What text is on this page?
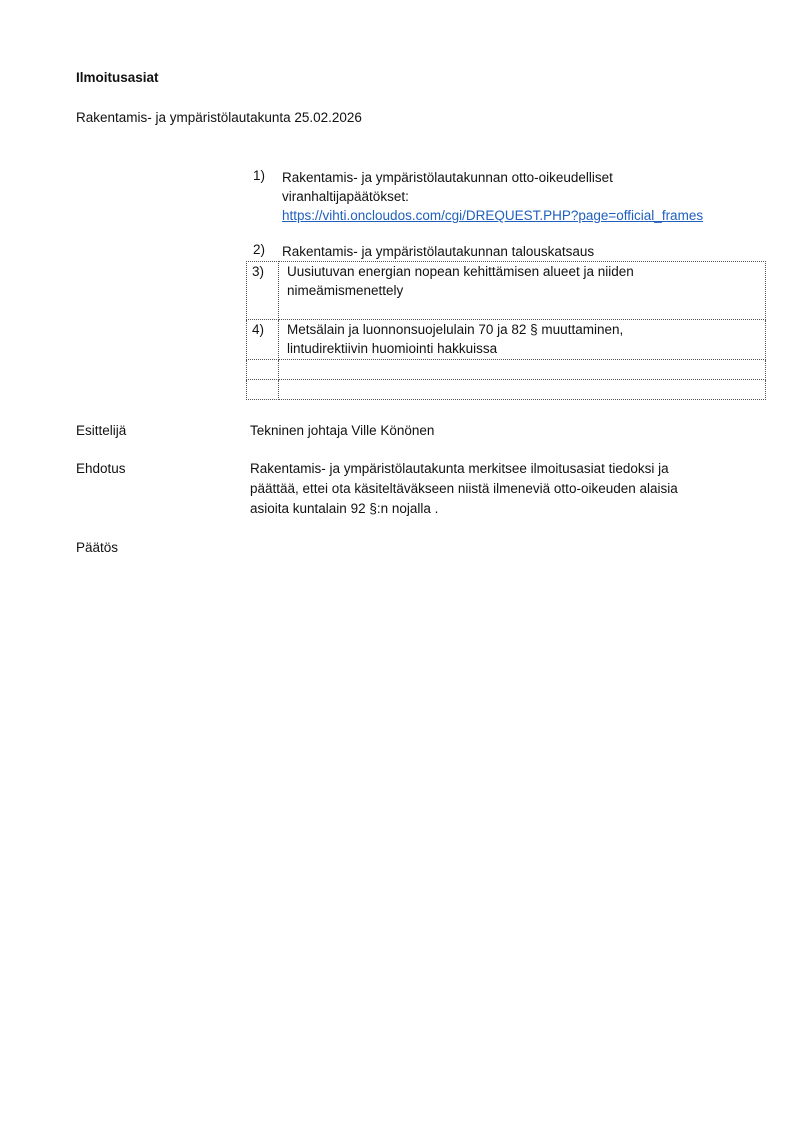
Ilmoitusasiat
Rakentamis- ja ympäristölautakunta 25.02.2026
1)	Rakentamis- ja ympäristölautakunnan otto-oikeudelliset
viranhaltijapäätökset:
https://vihti.oncloudos.com/cgi/DREQUEST.PHP?page=official_frames
2)	Rakentamis- ja ympäristölautakunnan talouskatsaus
3)	Uusiutuvan energian nopean kehittämisen alueet ja niiden
nimeämismenettely

4)	Metsälain ja luonnonsuojelulain 70 ja 82 § muuttaminen,
lintudirektiivin huomiointi hakkuissa

Esittelijä	Tekninen johtaja Ville Könönen
Ehdotus	Rakentamis- ja ympäristölautakunta merkitsee ilmoitusasiat tiedoksi ja
päättää, ettei ota käsiteltäväkseen niistä ilmeneviä otto-oikeuden alaisia
asioita kuntalain 92 §:n nojalla .
Päätös
